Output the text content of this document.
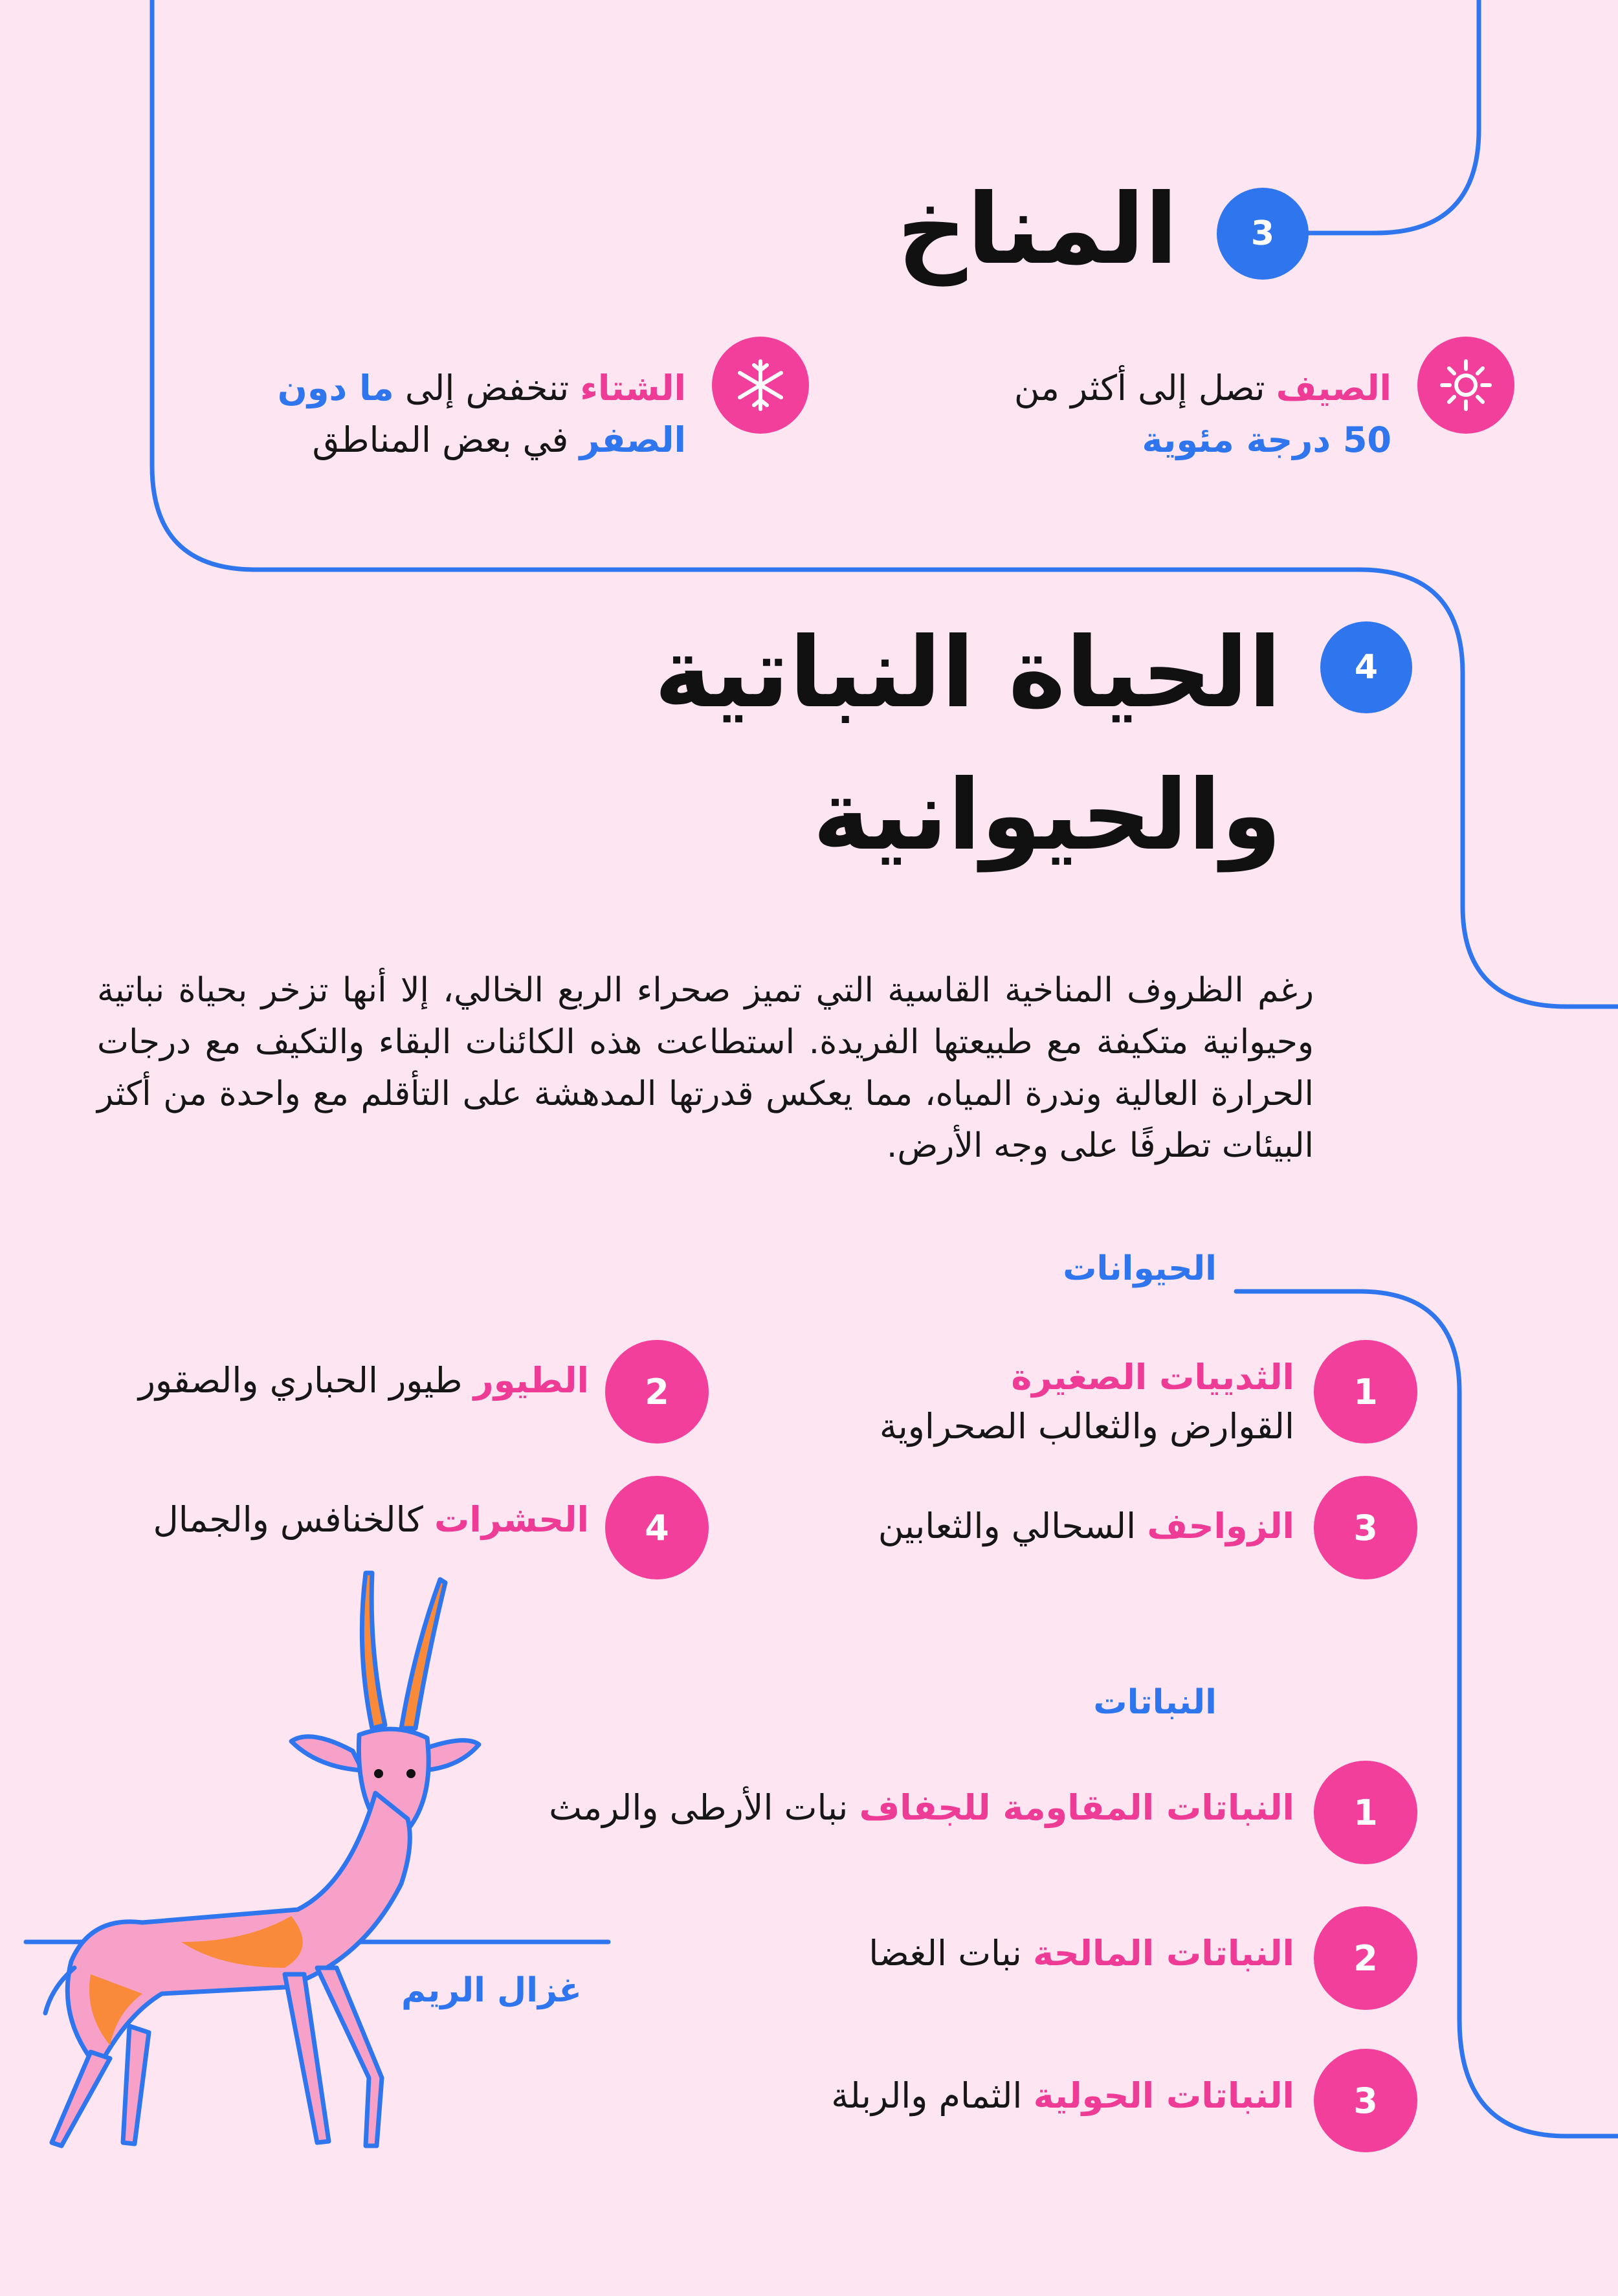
3
المناخ
الصيف تصل إلى أكثر من
50 درجة مئوية
الشتاء تنخفض إلى ما دون الصفر في بعض المناطق
4
الحياة النباتية
والحيوانية
رغم الظروف المناخية القاسية التي تميز صحراء الربع الخالي، إلا أنها تزخر بحياة نباتية وحيوانية متكيفة مع طبيعتها الفريدة. استطاعت هذه الكائنات البقاء والتكيف مع درجات الحرارة العالية وندرة المياه، مما يعكس قدرتها المدهشة على التأقلم مع واحدة من أكثر البيئات تطرفًا على وجه الأرض.
الحيوانات
1
الثدييات الصغيرة
القوارض والثعالب الصحراوية
2
الطيور طيور الحباري والصقور
3
الزواحف السحالي والثعابين
4
الحشرات كالخنافس والجمال
النباتات
1
النباتات المقاومة للجفاف نبات الأرطى والرمث
2
النباتات المالحة نبات الغضا
3
النباتات الحولية الثمام والربلة
غزال الريم
